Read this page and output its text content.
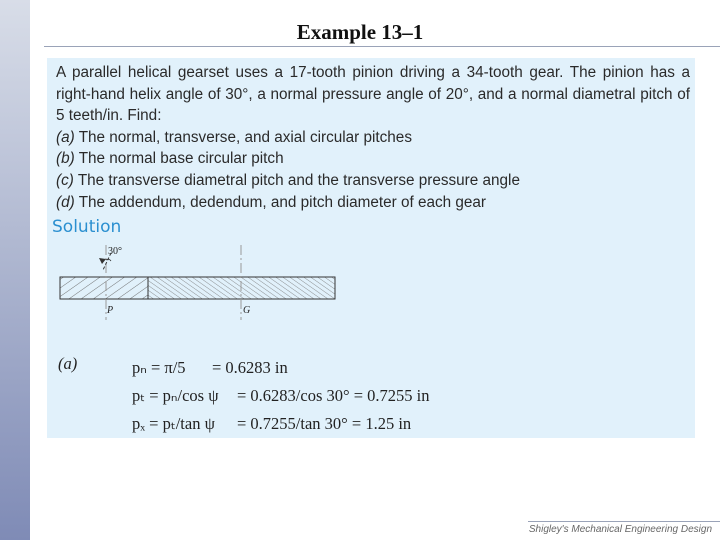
Example 13–1

A parallel helical gearset uses a 17-tooth pinion driving a 34-tooth gear. The pinion has a right-hand helix angle of 30°, a normal pressure angle of 20°, and a normal diametral pitch of 5 teeth/in. Find:

(a) The normal, transverse, and axial circular pitches
(b) The normal base circular pitch
(c) The transverse diametral pitch and the transverse pressure angle
(d) The addendum, dedendum, and pitch diameter of each gear
Solution
30°
P	G
(a)	pₙ = π/5 = 0.6283 in
pₜ = pₙ/cos ψ = 0.6283/cos 30° = 0.7255 in
pₓ = pₜ/tan ψ = 0.7255/tan 30° = 1.25 in
Shigley's Mechanical Engineering Design
